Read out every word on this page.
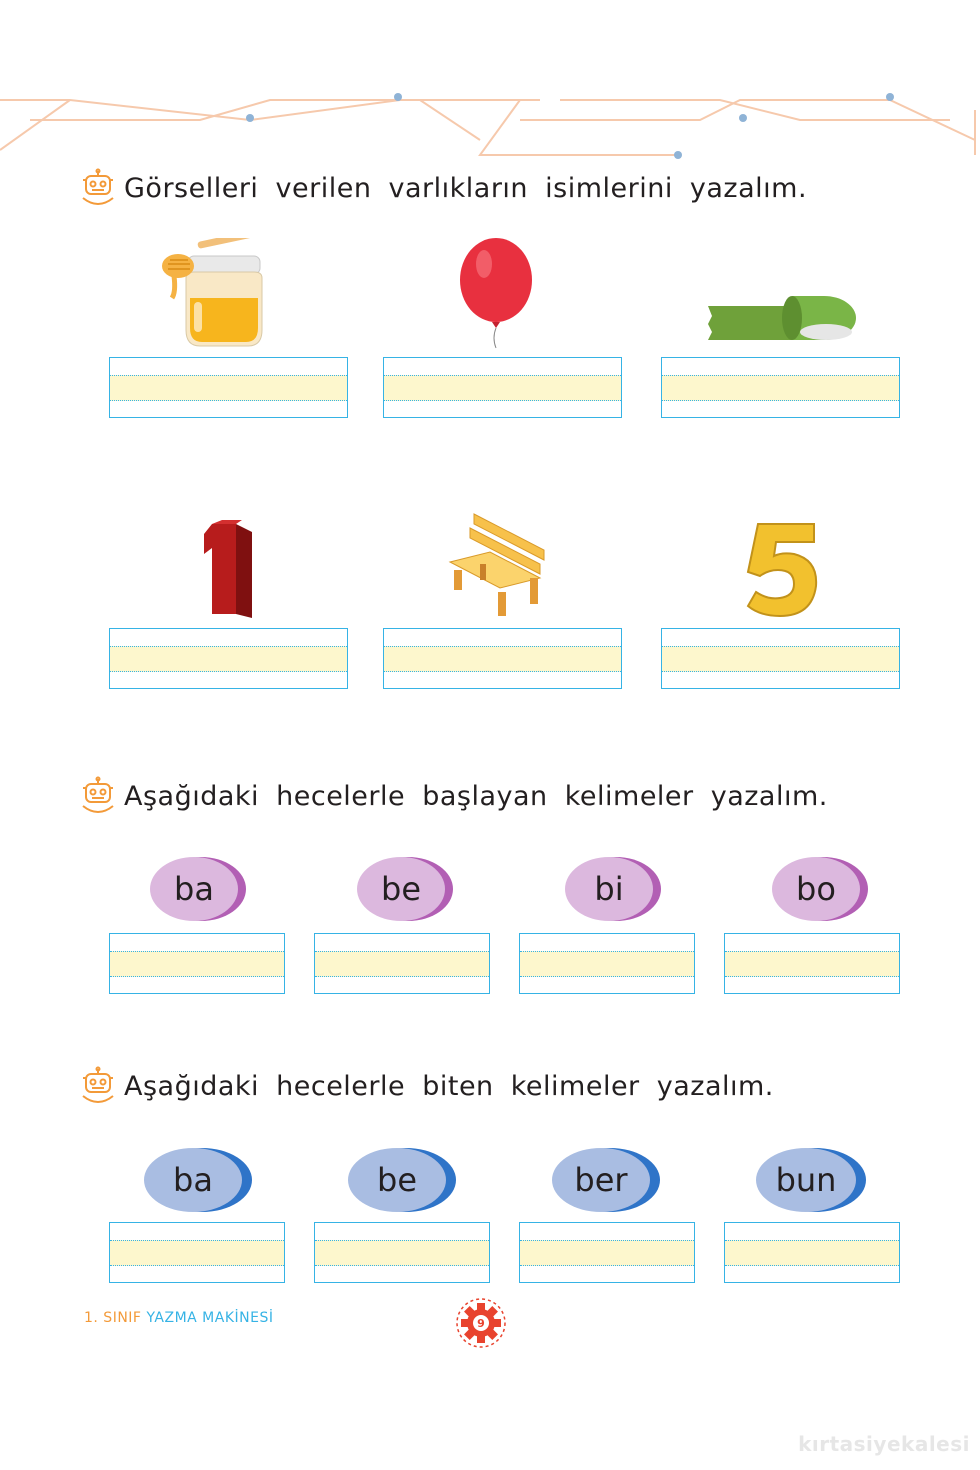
Görselleri verilen varlıkların isimlerini yazalım.
Aşağıdaki hecelerle başlayan kelimeler yazalım.
ba	be	bi	bo
Aşağıdaki hecelerle biten kelimeler yazalım.
ba	be	ber	bun
1. SINIF YAZMA MAKİNESİ	9
kırtasiyekalesi
